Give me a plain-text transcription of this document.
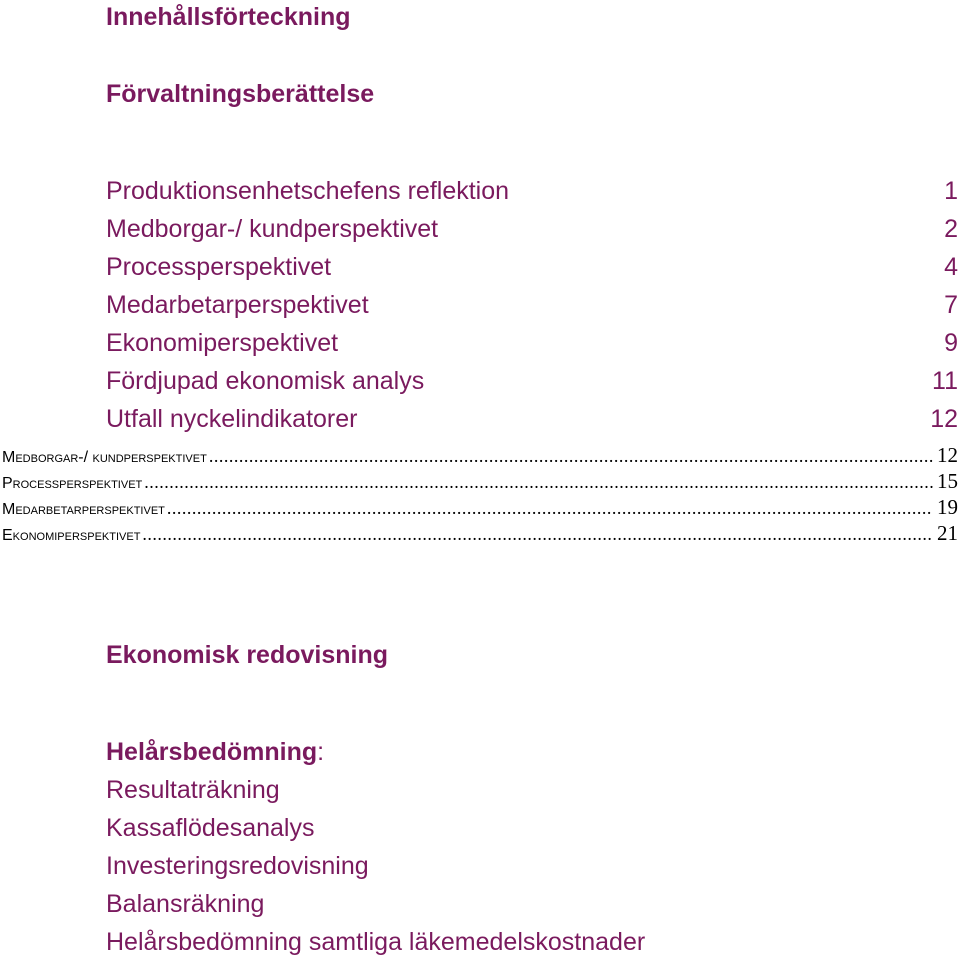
Innehållsförteckning
Förvaltningsberättelse
Produktionsenhetschefens reflektion	1
Medborgar-/ kundperspektivet	2
Processperspektivet	4
Medarbetarperspektivet	7
Ekonomiperspektivet	9
Fördjupad ekonomisk analys	11
Utfall nyckelindikatorer	12
Medborgar-/ kundperspektivet .....	12
Processperspektivet .....	15
Medarbetarperspektivet .....	19
Ekonomiperspektivet .....	21
Ekonomisk redovisning
Helårsbedömning:
Resultaträkning
Kassaflödesanalys
Investeringsredovisning
Balansräkning
Helårsbedömning samtliga läkemedelskostnader
